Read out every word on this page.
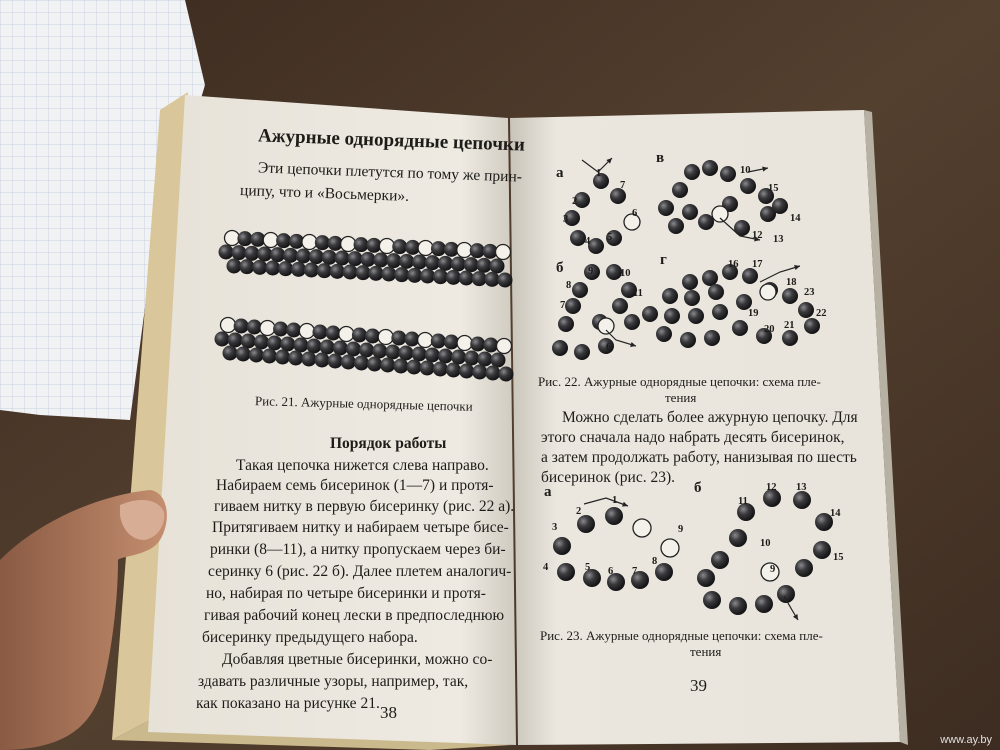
Ажурные однорядные цепочки
Эти цепочки плетутся по тому же прин-
ципу, что и «Восьмерки».
Рис. 21. Ажурные однорядные цепочки
Порядок работы
Такая цепочка нижется слева направо.
Набираем семь бисеринок (1—7) и протя-
гиваем нитку в первую бисеринку (рис. 22 а).
Притягиваем нитку и набираем четыре бисе-
ринки (8—11), а нитку пропускаем через би-
серинку 6 (рис. 22 б). Далее плетем аналогич-
но, набирая по четыре бисеринки и протя-
гивая рабочий конец лески в предпоследнюю
бисеринку предыдущего набора.
Добавляя цветные бисеринки, можно со-
здавать различные узоры, например, так,
как показано на рисунке 21. 38
Рис. 22. Ажурные однорядные цепочки: схема пле-
тения
Можно сделать более ажурную цепочку. Для
этого сначала надо набрать десять бисеринок,
а затем продолжать работу, нанизывая по шесть
бисеринок (рис. 23).
Рис. 23. Ажурные однорядные цепочки: схема пле-
тения
39
а
в
б	г
1
7
2
3
4 5
6
9	10
8
11
7
6
10
15
14
12 13
16 17
18
23
22
21
20
19
а	б
1
2
3
4	5 6 7
8
9
11
12 13
14
10
9
15
www.ay.by
